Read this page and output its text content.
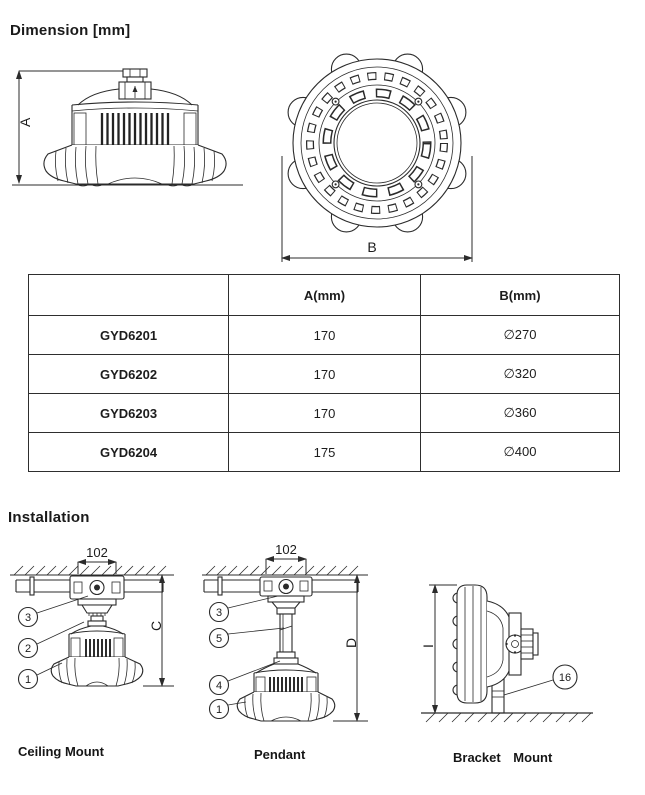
Dimension [mm]
A
B
	A(mm)	B(mm)
GYD6201	170	∅270
GYD6202	170	∅320
GYD6203	170	∅360
GYD6204	175	∅400
Installation
102
3
2
1
C
Ceiling Mount
102
3
5
4
1
D
Pendant
I
16
Bracket Mount
